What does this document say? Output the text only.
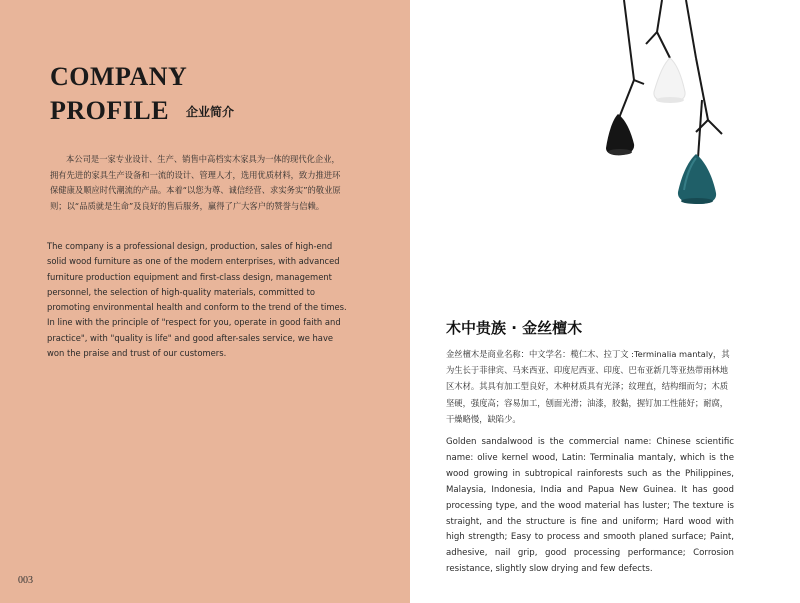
COMPANY
PROFILE 企业简介

本公司是一家专业设计、生产、销售中高档实木家具为一体的现代化企业，拥有先进的家具生产设备和一流的设计、管理人才，选用优质材料，致力推进环保健康及顺应时代潮流的产品。本着“以您为尊、诚信经营、求实务实”的敬业原则；以“品质就是生命”及良好的售后服务，赢得了广大客户的赞誉与信赖。

The company is a professional design, production, sales of high-end solid wood furniture as one of the modern enterprises, with advanced furniture production equipment and first-class design, management personnel, the selection of high-quality materials, committed to promoting environmental health and conform to the trend of the times. In line with the principle of "respect for you, operate in good faith and practice", with "quality is life" and good after-sales service, we have won the praise and trust of our customers.

003
木中贵族 · 金丝檀木

金丝檀木是商业名称：中文学名：榄仁木、拉丁文 :Terminalia mantaly，其为生长于菲律宾、马来西亚、印度尼西亚、印度、巴布亚新几等亚热带雨林地区木材。其具有加工型良好，木种材质具有光泽；纹理直，结构细而匀；木质坚硬，强度高；容易加工，刨面光滑；油漆，胶黏，握钉加工性能好；耐腐，干燥略慢，缺陷少。

Golden sandalwood is the commercial name: Chinese scientific name: olive kernel wood, Latin: Terminalia mantaly, which is the wood growing in subtropical rainforests such as the Philippines, Malaysia, Indonesia, India and Papua New Guinea. It has good processing type, and the wood material has luster; The texture is straight, and the structure is fine and uniform; Hard wood with high strength; Easy to process and smooth planed surface; Paint, adhesive, nail grip, good processing performance; Corrosion resistance, slightly slow drying and few defects.
